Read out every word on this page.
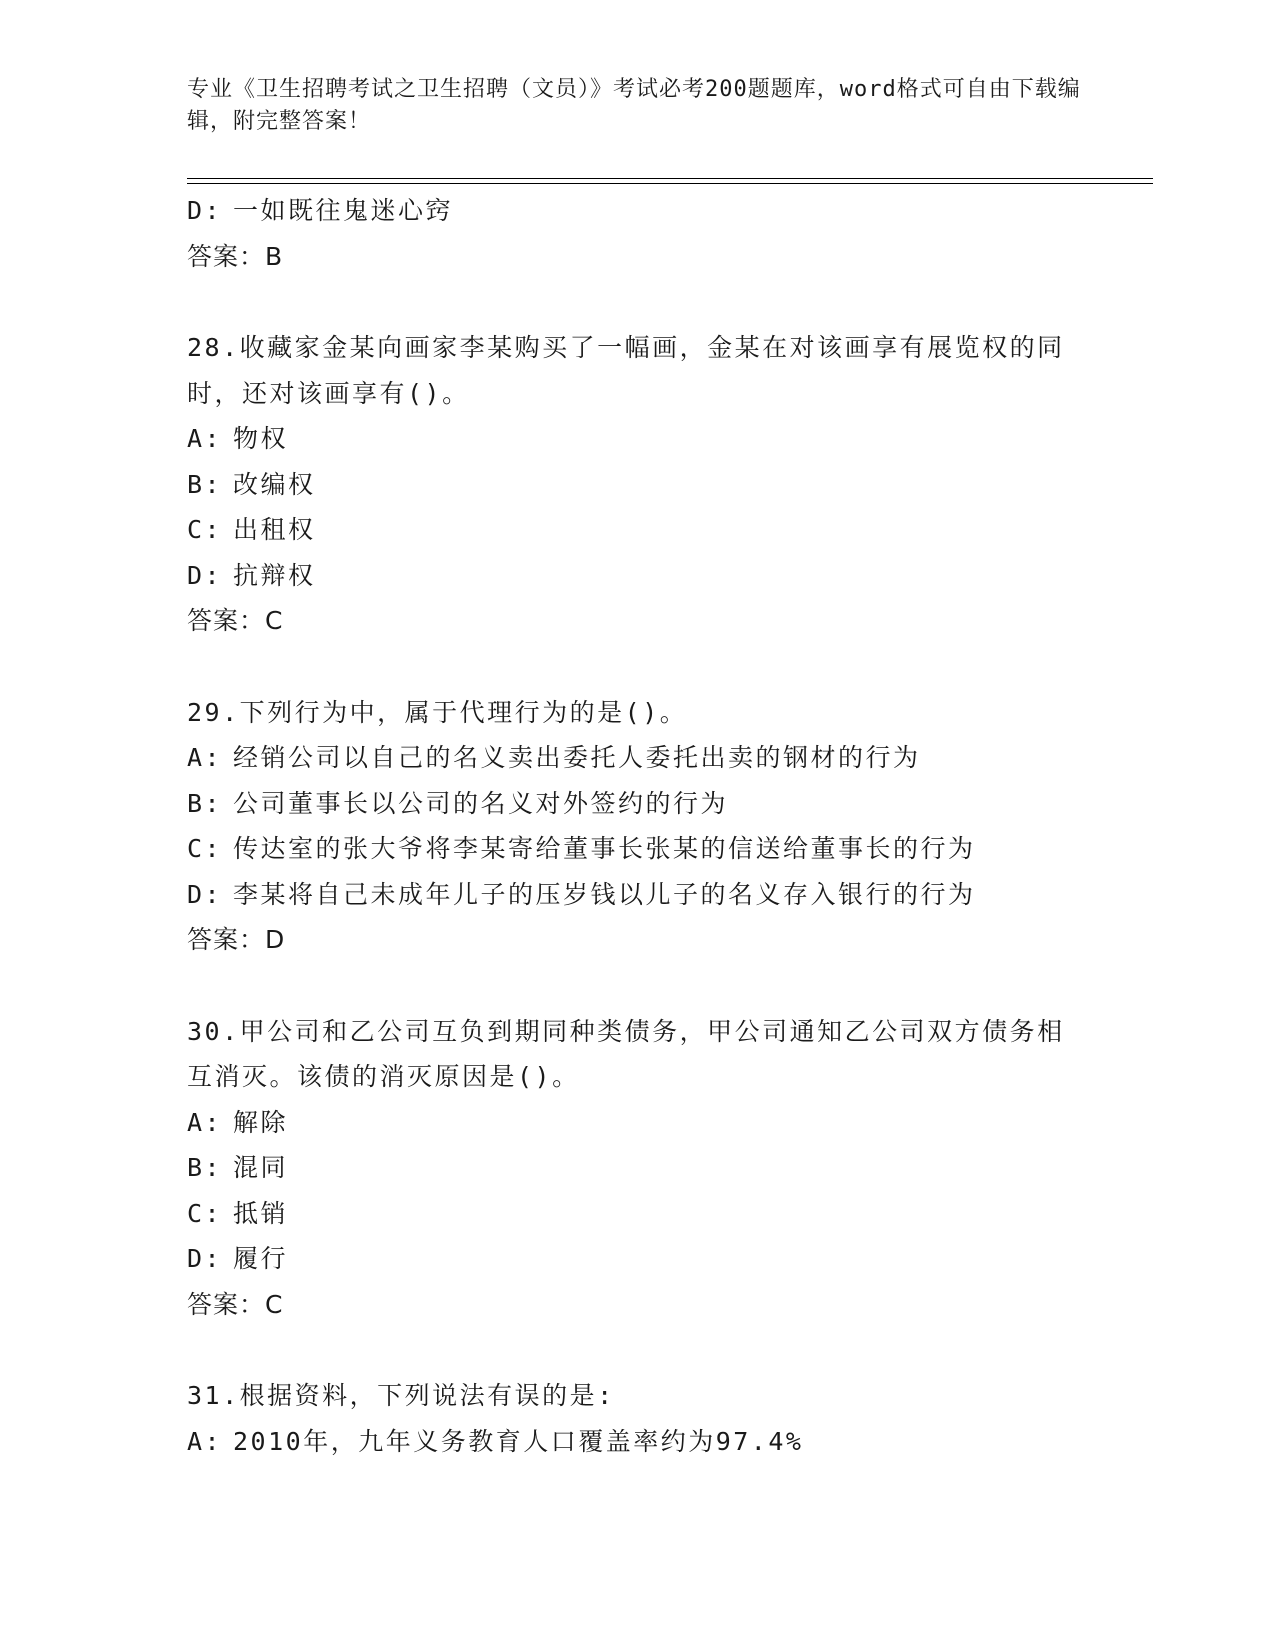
专业《卫生招聘考试之卫生招聘（文员）》考试必考200题题库，word格式可自由下载编辑，附完整答案！
D: 一如既往鬼迷心窍
答案：B
28.收藏家金某向画家李某购买了一幅画，金某在对该画享有展览权的同时，还对该画享有()。
A: 物权
B: 改编权
C: 出租权
D: 抗辩权
答案：C
29.下列行为中，属于代理行为的是()。
A: 经销公司以自己的名义卖出委托人委托出卖的钢材的行为
B: 公司董事长以公司的名义对外签约的行为
C: 传达室的张大爷将李某寄给董事长张某的信送给董事长的行为
D: 李某将自己未成年儿子的压岁钱以儿子的名义存入银行的行为
答案：D
30.甲公司和乙公司互负到期同种类债务，甲公司通知乙公司双方债务相互消灭。该债的消灭原因是()。
A: 解除
B: 混同
C: 抵销
D: 履行
答案：C
31.根据资料，下列说法有误的是:
A: 2010年，九年义务教育人口覆盖率约为97.4%
